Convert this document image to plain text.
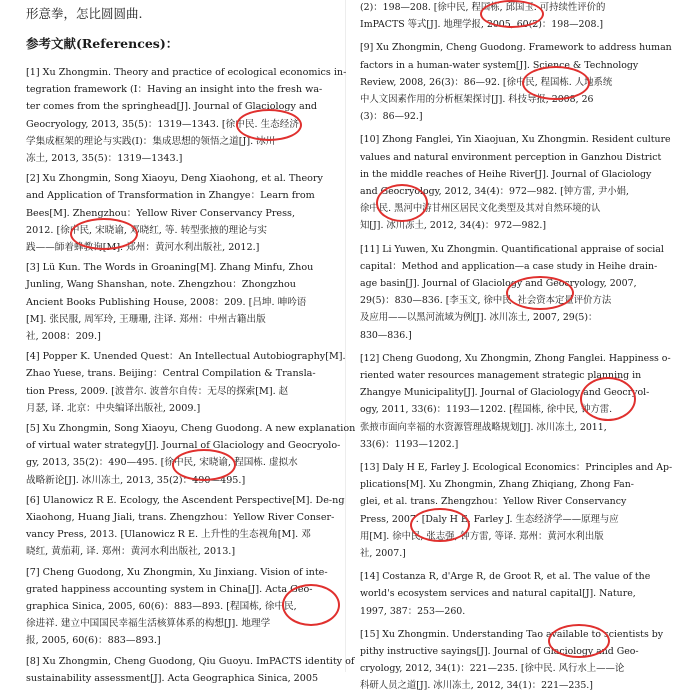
形意拳，怎比圆圆曲.
参考文献(References)：
[1] Xu Zhongmin. Theory and practice of ecological economics in-
tegration framework (I：Having an insight into the fresh wa-
ter comes from the springhead[J]. Journal of Glaciology and
Geocryology, 2013, 35(5)：1319—1343. [徐中民. 生态经济
学集成框架的理论与实践(I)：集成思想的领悟之道[J]. 冰川
冻土, 2013, 35(5)：1319—1343.]
[2] Xu Zhongmin, Song Xiaoyu, Deng Xiaohong, et al. Theory
and Application of Transformation in Zhangye：Learn from
Bees[M]. Zhengzhou：Yellow River Conservancy Press,
2012. [徐中民, 宋晓谕, 邓晓红, 等. 转型张掖的理论与实
践——師着蜂教询[M]. 郑州：黄河水利出版社, 2012.]
[3] Lü Kun. The Words in Groaning[M]. Zhang Minfu, Zhou
Junling, Wang Shanshan, note. Zhengzhou：Zhongzhou
Ancient Books Publishing House, 2008：209. [吕坤. 呻吟语
[M]. 张民服, 周军玲, 王珊珊, 注译. 郑州：中州古籍出版
社, 2008：209.]
[4] Popper K. Unended Quest：An Intellectual Autobiography[M].
Zhao Yuese, trans. Beijing：Central Compilation & Transla-
tion Press, 2009. [波普尔. 波普尔自传：无尽的探索[M]. 赵
月瑟, 译. 北京：中央编译出版社, 2009.]
[5] Xu Zhongmin, Song Xiaoyu, Cheng Guodong. A new explanation
of virtual water strategy[J]. Journal of Glaciology and Geocryolo-
gy, 2013, 35(2)：490—495. [徐中民, 宋晓谕, 程国栋. 虚拟水
战略新论[J]. 冰川冻土, 2013, 35(2)：490—495.]
[6] Ulanowicz R E. Ecology, the Ascendent Perspective[M]. De-ng
Xiaohong, Huang Jiali, trans. Zhengzhou：Yellow River Conser-
vancy Press, 2013. [Ulanowicz R E. 上升性的生态视角[M]. 邓
晓红, 黄茄莉, 译. 郑州：黄河水利出版社, 2013.]
[7] Cheng Guodong, Xu Zhongmin, Xu Jinxiang. Vision of inte-
grated happiness accounting system in China[J]. Acta Geo-
graphica Sinica, 2005, 60(6)：883—893. [程国栋, 徐中民,
徐进祥. 建立中国国民幸福生活核算体系的构想[J]. 地理学
报, 2005, 60(6)：883—893.]
[8] Xu Zhongmin, Cheng Guodong, Qiu Guoyu. ImPACTS identity of
sustainability assessment[J]. Acta Geographica Sinica, 2005
(2)：198—208. [徐中民, 程国栋, 邱国玉. 可持续性评价的
ImPACTS 等式[J]. 地理学报, 2005, 60(2)：198—208.]
[9] Xu Zhongmin, Cheng Guodong. Framework to address human
factors in a human-water system[J]. Science & Technology
Review, 2008, 26(3)：86—92. [徐中民, 程国栋. 人地系统
中人文因素作用的分析框架探讨[J]. 科技导报, 2008, 26
(3)：86—92.]
[10] Zhong Fanglei, Yin Xiaojuan, Xu Zhongmin. Resident culture
values and natural environment perception in Ganzhou District
in the middle reaches of Heihe River[J]. Journal of Glaciology
and Geocryology, 2012, 34(4)：972—982. [钟方雷, 尹小娟,
徐中民. 黑河中游甘州区居民文化类型及其对自然环境的认
知[J]. 冰川冻土, 2012, 34(4)：972—982.]
[11] Li Yuwen, Xu Zhongmin. Quantificational appraise of social
capital：Method and application—a case study in Heihe drain-
age basin[J]. Journal of Glaciology and Geocryology, 2007,
29(5)：830—836. [李玉文, 徐中民. 社会资本定量评价方法
及应用——以黑河流域为例[J]. 冰川冻土, 2007, 29(5)：
830—836.]
[12] Cheng Guodong, Xu Zhongmin, Zhong Fanglei. Happiness o-
riented water resources management strategic planning in
Zhangye Municipality[J]. Journal of Glaciology and Geocryol-
ogy, 2011, 33(6)：1193—1202. [程国栋, 徐中民, 钟方雷.
张掖市面向幸福的水资源管理战略规划[J]. 冰川冻土, 2011,
33(6)：1193—1202.]
[13] Daly H E, Farley J. Ecological Economics：Principles and Ap-
plications[M]. Xu Zhongmin, Zhang Zhiqiang, Zhong Fan-
glei, et al. trans. Zhengzhou：Yellow River Conservancy
Press, 2007. [Daly H E, Farley J. 生态经济学——原理与应
用[M]. 徐中民, 张志强, 钟方雷, 等译. 郑州：黄河水利出版
社, 2007.]
[14] Costanza R, d'Arge R, de Groot R, et al. The value of the
world's ecosystem services and natural capital[J]. Nature,
1997, 387：253—260.
[15] Xu Zhongmin. Understanding Tao available to scientists by
pithy instructive sayings[J]. Journal of Glaciology and Geo-
cryology, 2012, 34(1)：221—235. [徐中民. 风行水上——论
科研人员之道[J]. 冰川冻土, 2012, 34(1)：221—235.]
